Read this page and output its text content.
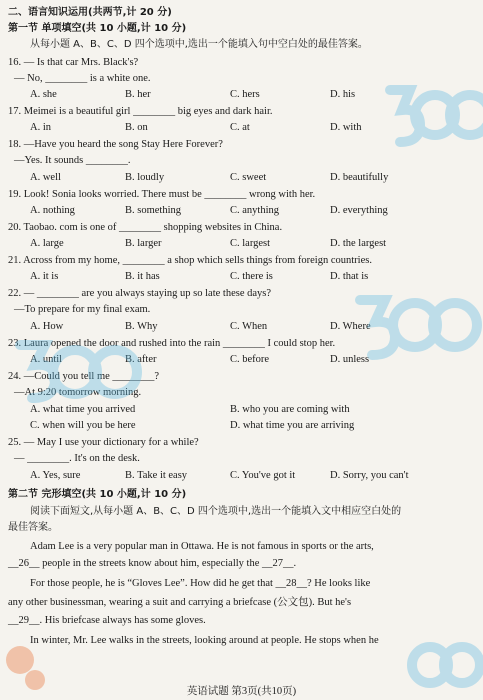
二、语言知识运用(共两节,计 20 分)
第一节 单项填空(共 10 小题,计 10 分)
从每小题 A、B、C、D 四个选项中,选出一个能填入句中空白处的最佳答案。
16. — Is that car Mrs. Black's?
— No, ________ is a white one.
A. she	B. her	C. hers	D. his
17. Meimei is a beautiful girl ________ big eyes and dark hair.
A. in	B. on	C. at	D. with
18. —Have you heard the song Stay Here Forever?
—Yes. It sounds ________.
A. well	B. loudly	C. sweet	D. beautifully
19. Look! Sonia looks worried. There must be ________ wrong with her.
A. nothing	B. something	C. anything	D. everything
20. Taobao. com is one of ________ shopping websites in China.
A. large	B. larger	C. largest	D. the largest
21. Across from my home, ________ a shop which sells things from foreign countries.
A. it is	B. it has	C. there is	D. that is
22. — ________ are you always staying up so late these days?
—To prepare for my final exam.
A. How	B. Why	C. When	D. Where
23. Laura opened the door and rushed into the rain ________ I could stop her.
A. until	B. after	C. before	D. unless
24. —Could you tell me ________?
—At 9:20 tomorrow morning.
A. what time you arrived	B. who you are coming with
C. when will you be here	D. what time you are arriving
25. — May I use your dictionary for a while?
— ________. It's on the desk.
A. Yes, sure	B. Take it easy	C. You've got it	D. Sorry, you can't
第二节 完形填空(共 10 小题,计 10 分)
阅读下面短文,从每小题 A、B、C、D 四个选项中,选出一个能填入文中相应空白处的
最佳答案。
Adam Lee is a very popular man in Ottawa. He is not famous in sports or the arts,
__26__ people in the streets know about him, especially the __27__.
For those people, he is “Gloves Lee”. How did he get that __28__? He looks like
any other businessman, wearing a suit and carrying a briefcase (公文包). But he's
__29__. His briefcase always has some gloves.
In winter, Mr. Lee walks in the streets, looking around at people. He stops when he
英语试题 第3页(共10页)
